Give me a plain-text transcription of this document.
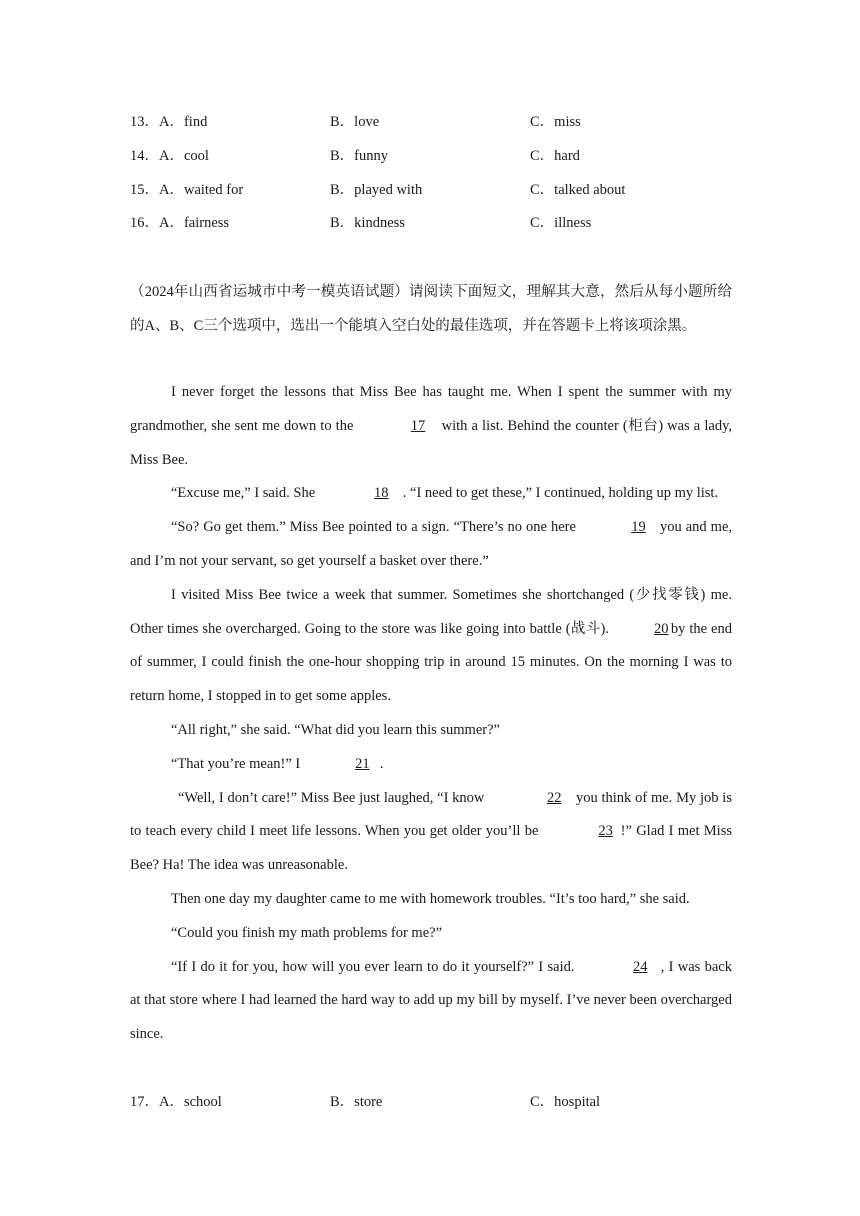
13．A．find	B．love	C．miss
14．A．cool	B．funny	C．hard
15．A．waited for	B．played with	C．talked about
16．A．fairness	B．kindness	C．illness

（2024年山西省运城市中考一模英语试题）请阅读下面短文，理解其大意，然后从每小题所给的A、B、C三个选项中，选出一个能填入空白处的最佳选项，并在答题卡上将该项涂黑。

I never forget the lessons that Miss Bee has taught me. When I spent the summer with my grandmother, she sent me down to the	17 with a list. Behind the counter (柜台) was a lady, Miss Bee.

“Excuse me,” I said. She	18 . “I need to get these,” I continued, holding up my list.

“So? Go get them.” Miss Bee pointed to a sign. “There’s no one here	19 you and me, and I’m not your servant, so get yourself a basket over there.”

I visited Miss Bee twice a week that summer. Sometimes she shortchanged (少找零钱) me. Other times she overcharged. Going to the store was like going into battle (战斗).	20 by the end of summer, I could finish the one-hour shopping trip in around 15 minutes. On the morning I was to return home, I stopped in to get some apples.

“All right,” she said. “What did you learn this summer?”

“That you’re mean!” I	21 .

“Well, I don’t care!” Miss Bee just laughed, “I know	22 you think of me. My job is to teach every child I meet life lessons. When you get older you’ll be	23 !” Glad I met Miss Bee? Ha! The idea was unreasonable.

Then one day my daughter came to me with homework troubles. “It’s too hard,” she said.

“Could you finish my math problems for me?”

“If I do it for you, how will you ever learn to do it yourself?” I said.	24 , I was back at that store where I had learned the hard way to add up my bill by myself. I’ve never been overcharged since.

17．A．school	B．store	C．hospital
